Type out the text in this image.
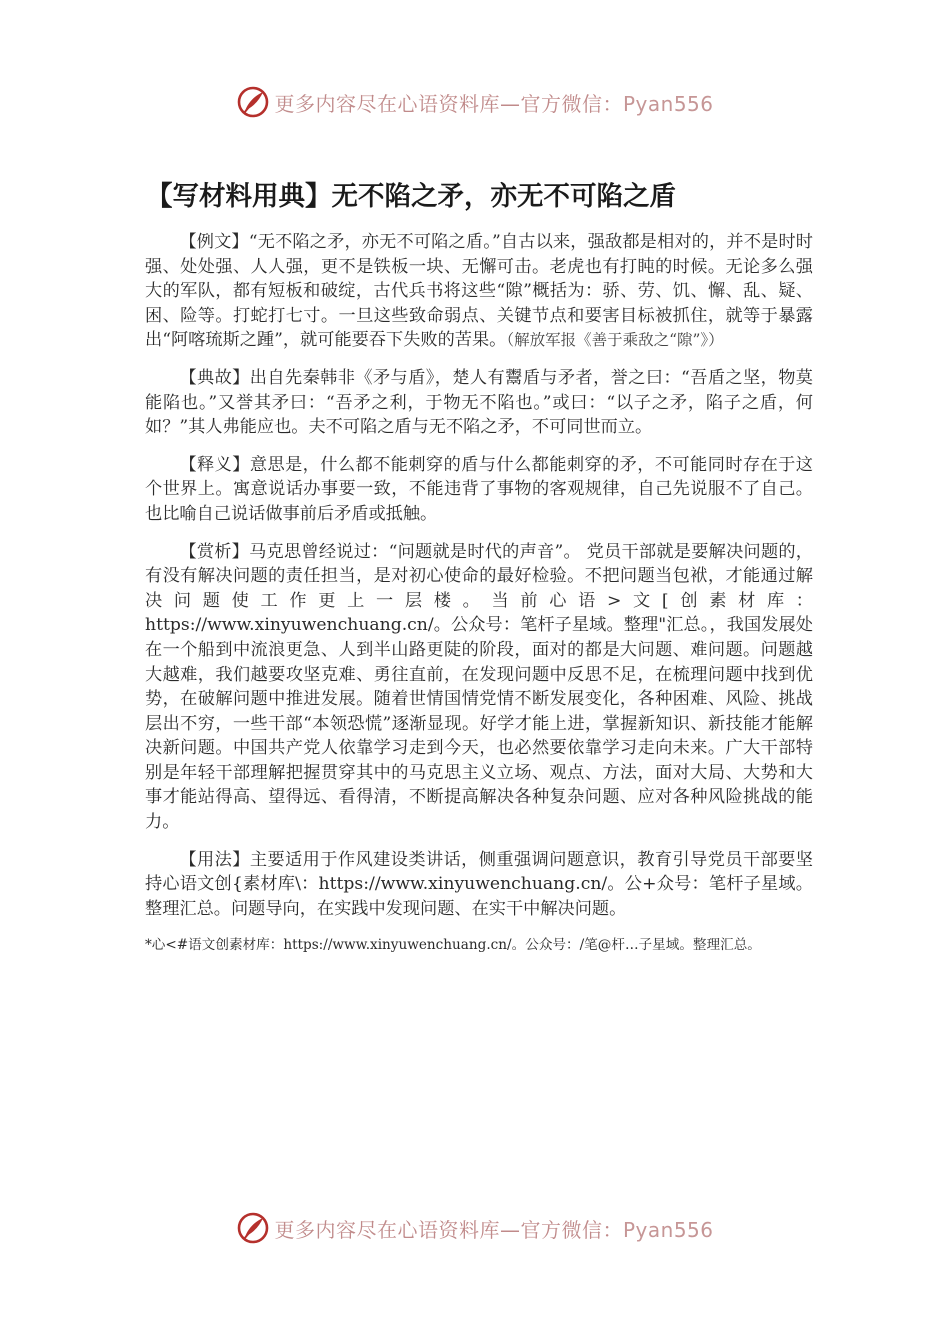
更多内容尽在心语资料库—官方微信：Pyan556
【写材料用典】无不陷之矛，亦无不可陷之盾

【例文】“无不陷之矛，亦无不可陷之盾。”自古以来，强敌都是相对的，并不是时时强、处处强、人人强，更不是铁板一块、无懈可击。老虎也有打盹的时候。无论多么强大的军队，都有短板和破绽，古代兵书将这些“隙”概括为：骄、劳、饥、懈、乱、疑、困、险等。打蛇打七寸。一旦这些致命弱点、关键节点和要害目标被抓住，就等于暴露出“阿喀琉斯之踵”，就可能要吞下失败的苦果。（解放军报《善于乘敌之“隙”》）

【典故】出自先秦韩非《矛与盾》，楚人有鬻盾与矛者，誉之曰：“吾盾之坚，物莫能陷也。”又誉其矛曰：“吾矛之利，于物无不陷也。”或曰：“以子之矛，陷子之盾，何如？”其人弗能应也。夫不可陷之盾与无不陷之矛，不可同世而立。

【释义】意思是，什么都不能刺穿的盾与什么都能刺穿的矛，不可能同时存在于这个世界上。寓意说话办事要一致，不能违背了事物的客观规律，自己先说服不了自己。也比喻自己说话做事前后矛盾或抵触。

【赏析】马克思曾经说过：“问题就是时代的声音”。 党员干部就是要解决问题的，有没有解决问题的责任担当，是对初心使命的最好检验。不把问题当包袱，才能通过解决问题使工作更上一层楼。当前心语>文[创素材库：https://www.xinyuwenchuang.cn/。公众号：笔杆子星域。整理"汇总。，我国发展处在一个船到中流浪更急、人到半山路更陡的阶段，面对的都是大问题、难问题。问题越大越难，我们越要攻坚克难、勇往直前，在发现问题中反思不足，在梳理问题中找到优势，在破解问题中推进发展。随着世情国情党情不断发展变化，各种困难、风险、挑战层出不穷，一些干部“本领恐慌”逐渐显现。好学才能上进，掌握新知识、新技能才能解决新问题。中国共产党人依靠学习走到今天，也必然要依靠学习走向未来。广大干部特别是年轻干部理解把握贯穿其中的马克思主义立场、观点、方法，面对大局、大势和大事才能站得高、望得远、看得清，不断提高解决各种复杂问题、应对各种风险挑战的能力。

【用法】主要适用于作风建设类讲话，侧重强调问题意识，教育引导党员干部要坚持心语文创{素材库\：https://www.xinyuwenchuang.cn/。公+众号：笔杆子星域。整理汇总。问题导向，在实践中发现问题、在实干中解决问题。

*心<#语文创素材库：https://www.xinyuwenchuang.cn/。公众号：/笔@杆…子星域。整理汇总。

更多内容尽在心语资料库—官方微信：Pyan556
